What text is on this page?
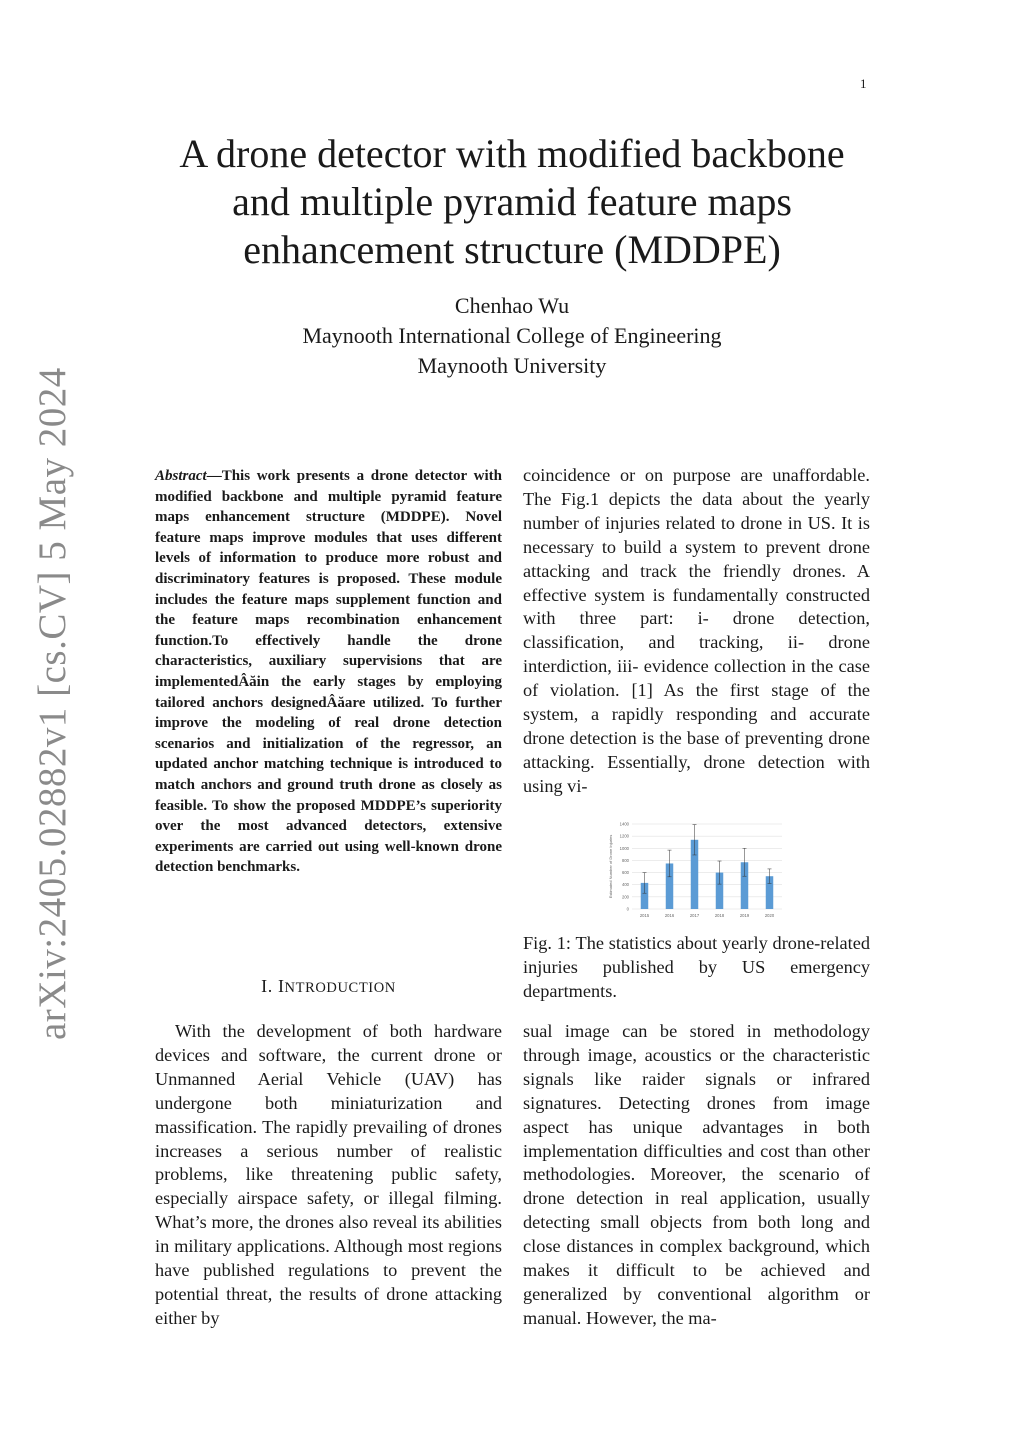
1
arXiv:2405.02882v1 [cs.CV] 5 May 2024
A drone detector with modified backbone
and multiple pyramid feature maps
enhancement structure (MDDPE)
Chenhao Wu
Maynooth International College of Engineering
Maynooth University
Abstract—This work presents a drone detector with modified backbone and multiple pyramid feature maps enhancement structure (MDDPE). Novel feature maps improve modules that uses different levels of information to produce more robust and discriminatory features is proposed. These module includes the feature maps supplement function and the feature maps recombination enhancement function.To effectively handle the drone characteristics, auxiliary supervisions that are implementedÂăin the early stages by employing tailored anchors designedÂăare utilized. To further improve the modeling of real drone detection scenarios and initialization of the regressor, an updated anchor matching technique is introduced to match anchors and ground truth drone as closely as feasible. To show the proposed MDDPE’s superiority over the most advanced detectors, extensive experiments are carried out using well-known drone detection benchmarks.
I. INTRODUCTION
With the development of both hardware devices and software, the current drone or Unmanned Aerial Vehicle (UAV) has undergone both miniaturization and massification. The rapidly prevailing of drones increases a serious number of realistic problems, like threatening public safety, especially airspace safety, or illegal filming. What’s more, the drones also reveal its abilities in military applications. Although most regions have published regulations to prevent the potential threat, the results of drone attacking either by
coincidence or on purpose are unaffordable. The Fig.1 depicts the data about the yearly number of injuries related to drone in US. It is necessary to build a system to prevent drone attacking and track the friendly drones. A effective system is fundamentally constructed with three part: i- drone detection, classification, and tracking, ii- drone interdiction, iii- evidence collection in the case of violation. [1] As the first stage of the system, a rapidly responding and accurate drone detection is the base of preventing drone attacking. Essentially, drone detection with using vi-
Estimated Number of Drone Injuries
0
200
400
600
800
1000
1200
1400
2015	2016	2017	2018	2019	2020
Fig. 1: The statistics about yearly drone-related injuries published by US emergency departments.
sual image can be stored in methodology through image, acoustics or the characteristic signals like raider signals or infrared signatures. Detecting drones from image aspect has unique advantages in both implementation difficulties and cost than other methodologies. Moreover, the scenario of drone detection in real application, usually detecting small objects from both long and close distances in complex background, which makes it difficult to be achieved and generalized by conventional algorithm or manual. However, the ma-
